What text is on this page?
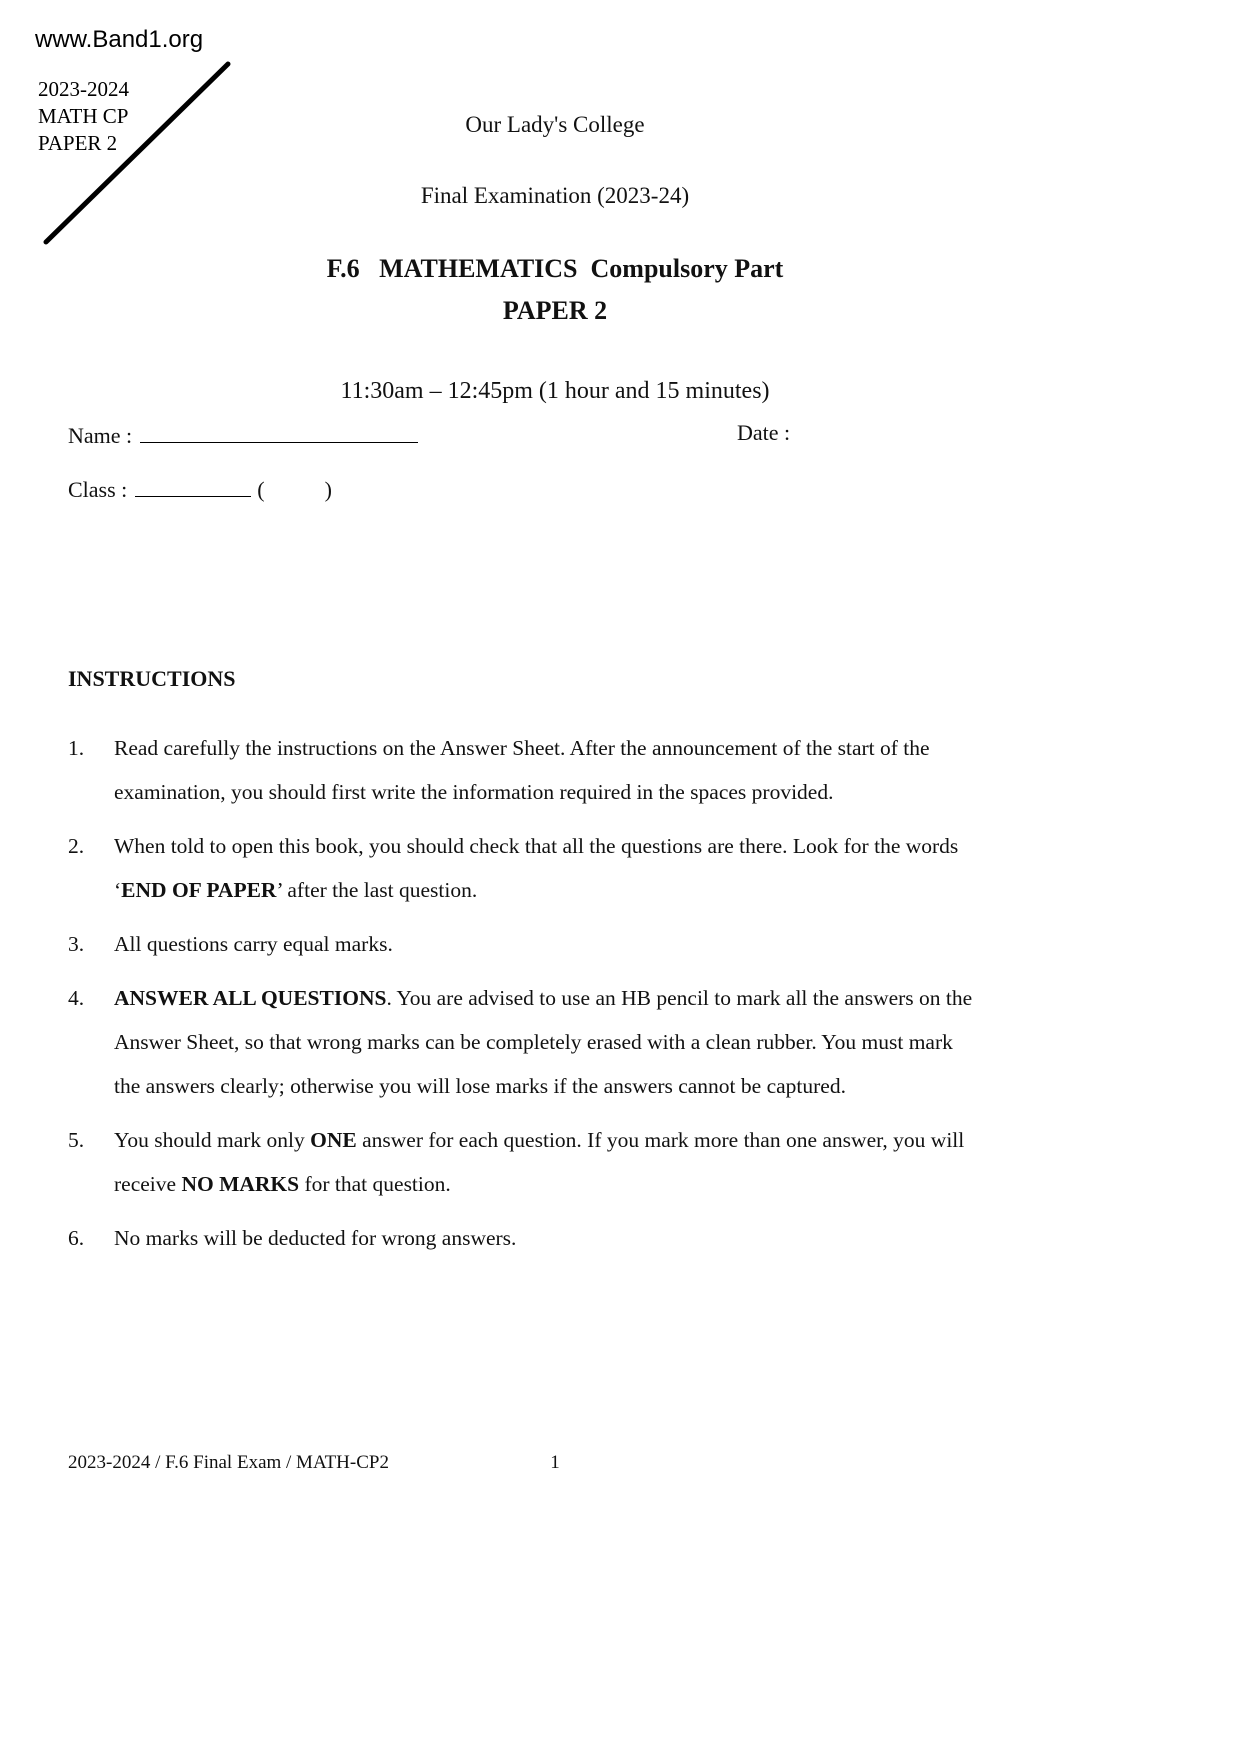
www.Band1.org
2023-2024
MATH CP
PAPER 2
Our Lady's College
Final Examination (2023-24)
F.6   MATHEMATICS  Compulsory Part
PAPER 2
11:30am – 12:45pm (1 hour and 15 minutes)
Name :	Date :
Class :	(	)
INSTRUCTIONS
1.	Read carefully the instructions on the Answer Sheet. After the announcement of the start of the examination, you should first write the information required in the spaces provided.
2.	When told to open this book, you should check that all the questions are there. Look for the words ‘END OF PAPER’ after the last question.
3.	All questions carry equal marks.
4.	ANSWER ALL QUESTIONS. You are advised to use an HB pencil to mark all the answers on the Answer Sheet, so that wrong marks can be completely erased with a clean rubber. You must mark the answers clearly; otherwise you will lose marks if the answers cannot be captured.
5.	You should mark only ONE answer for each question. If you mark more than one answer, you will receive NO MARKS for that question.
6.	No marks will be deducted for wrong answers.
2023-2024 / F.6 Final Exam / MATH-CP2	1
